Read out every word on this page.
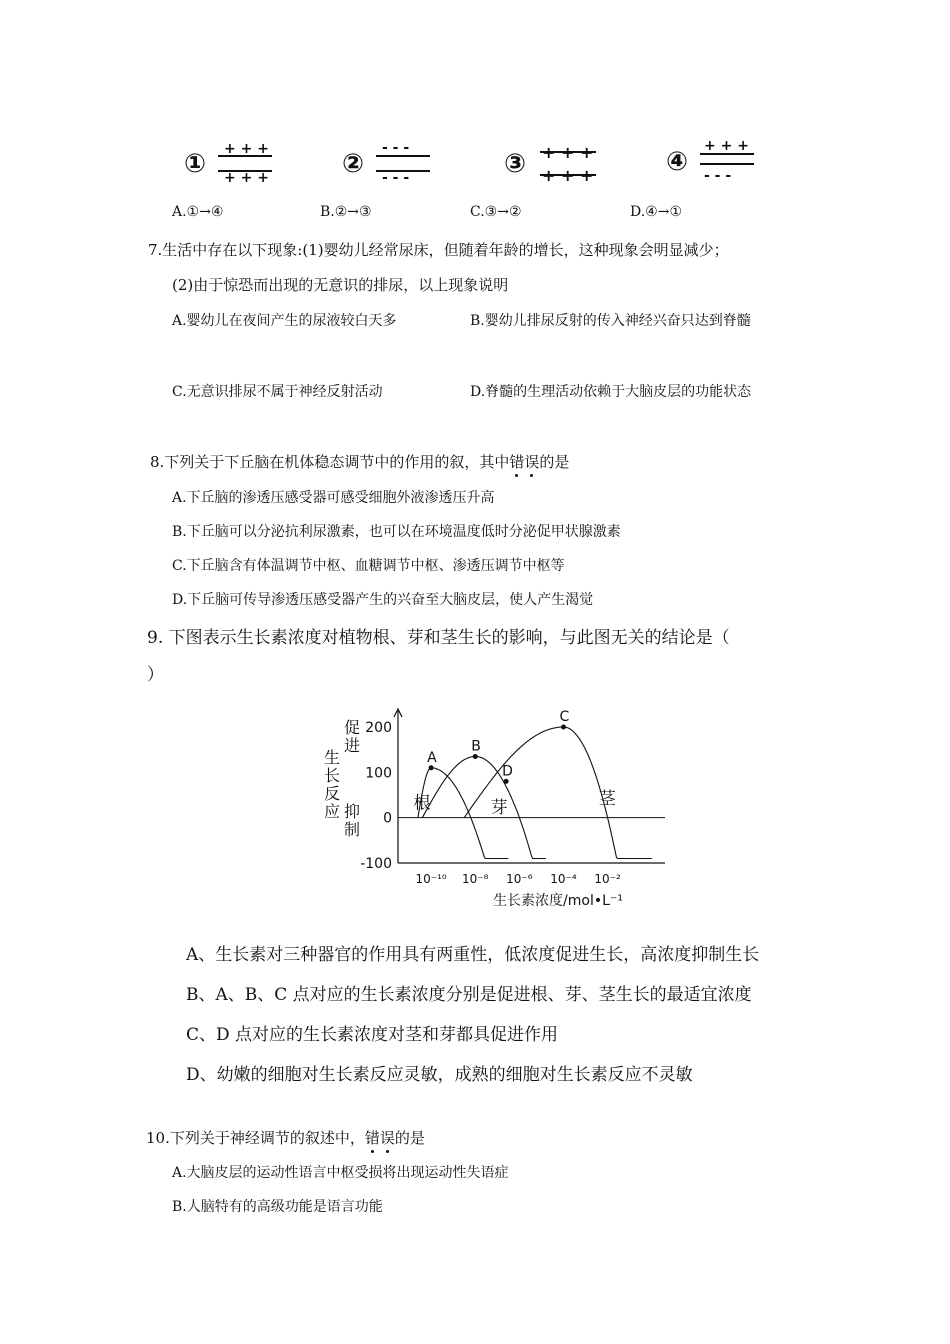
① + + +
+ + +	②
- - -
- - -	③ + + +
+ + +	④
+ + +
- - -
A.①→④	B.②→③	C.③→②	D.④→①
7.生活中存在以下现象:(1)婴幼儿经常尿床，但随着年龄的增长，这种现象会明显减少；
(2)由于惊恐而出现的无意识的排尿，以上现象说明
A.婴幼儿在夜间产生的尿液较白天多	B.婴幼儿排尿反射的传入神经兴奋只达到脊髓
C.无意识排尿不属于神经反射活动	D.脊髓的生理活动依赖于大脑皮层的功能状态
8.下列关于下丘脑在机体稳态调节中的作用的叙，其中错误的是
A.下丘脑的渗透压感受器可感受细胞外液渗透压升高
B.下丘脑可以分泌抗利尿激素，也可以在环境温度低时分泌促甲状腺激素
C.下丘脑含有体温调节中枢、血糖调节中枢、渗透压调节中枢等
D.下丘脑可传导渗透压感受器产生的兴奋至大脑皮层，使人产生渴觉
9. 下图表示生长素浓度对植物根、芽和茎生长的影响，与此图无关的结论是（
）
200
100
0
-100
10⁻¹⁰ 10⁻⁸ 10⁻⁶ 10⁻⁴ 10⁻²
促
进
生
长
反
应 抑
制
生长素浓度/mol•L⁻¹
A
B
C
根	芽	茎
D
A、生长素对三种器官的作用具有两重性，低浓度促进生长，高浓度抑制生长
B、A、B、C 点对应的生长素浓度分别是促进根、芽、茎生长的最适宜浓度
C、D 点对应的生长素浓度对茎和芽都具促进作用
D、幼嫩的细胞对生长素反应灵敏，成熟的细胞对生长素反应不灵敏
10.下列关于神经调节的叙述中，错误的是
A.大脑皮层的运动性语言中枢受损将出现运动性失语症
B.人脑特有的高级功能是语言功能
